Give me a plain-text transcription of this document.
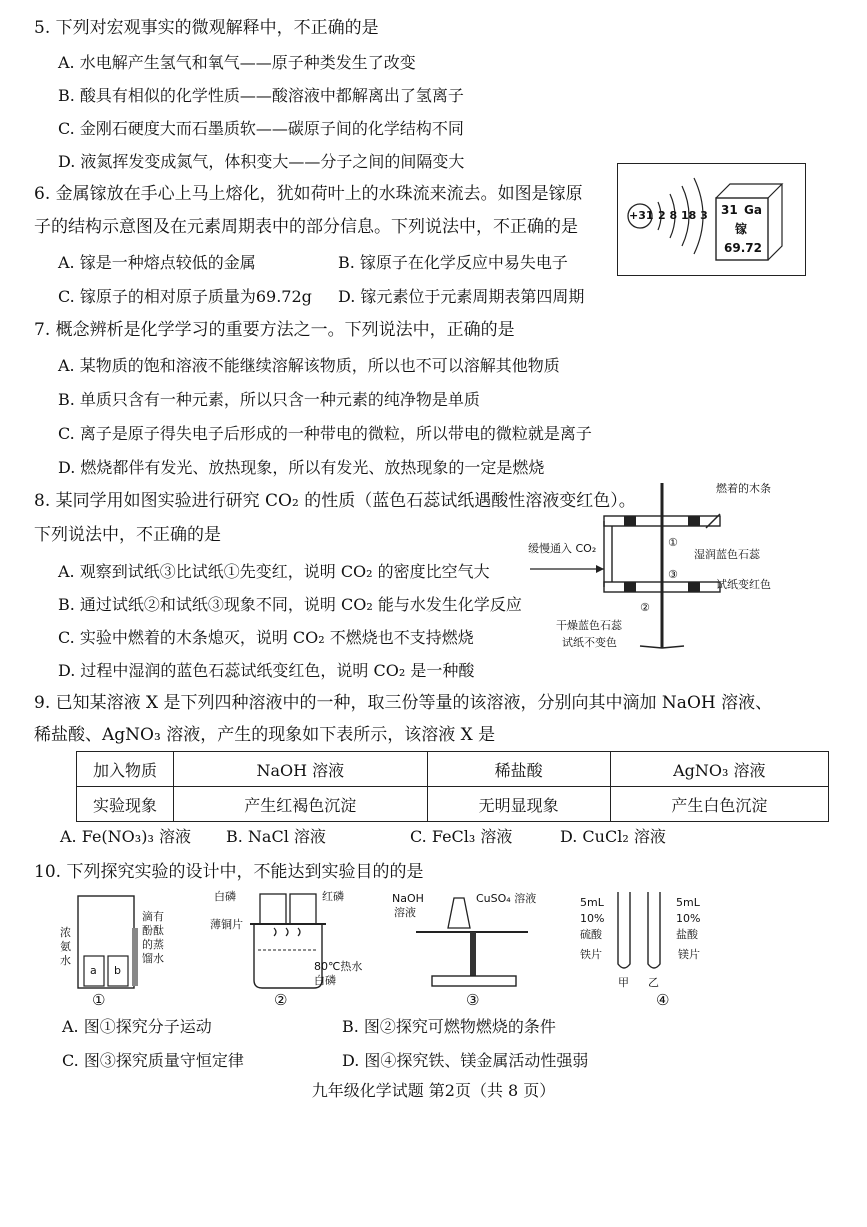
5. 下列对宏观事实的微观解释中，不正确的是
A. 水电解产生氢气和氧气——原子种类发生了改变
B. 酸具有相似的化学性质——酸溶液中都解离出了氢离子
C. 金刚石硬度大而石墨质软——碳原子间的化学结构不同
D. 液氮挥发变成氮气，体积变大——分子之间的间隔变大
6. 金属镓放在手心上马上熔化，犹如荷叶上的水珠流来流去。如图是镓原
子的结构示意图及在元素周期表中的部分信息。下列说法中，不正确的是
A. 镓是一种熔点较低的金属	B. 镓原子在化学反应中易失电子
C. 镓原子的相对原子质量为69.72g D. 镓元素位于元素周期表第四周期
+31 2 8 18 3 31 Ga
镓
69.72
7. 概念辨析是化学学习的重要方法之一。下列说法中，正确的是
A. 某物质的饱和溶液不能继续溶解该物质，所以也不可以溶解其他物质
B. 单质只含有一种元素，所以只含一种元素的纯净物是单质
C. 离子是原子得失电子后形成的一种带电的微粒，所以带电的微粒就是离子
D. 燃烧都伴有发光、放热现象，所以有发光、放热现象的一定是燃烧
8. 某同学用如图实验进行研究 CO₂ 的性质（蓝色石蕊试纸遇酸性溶液变红色）。
下列说法中，不正确的是
A. 观察到试纸③比试纸①先变红，说明 CO₂ 的密度比空气大
B. 通过试纸②和试纸③现象不同，说明 CO₂ 能与水发生化学反应
C. 实验中燃着的木条熄灭，说明 CO₂ 不燃烧也不支持燃烧
D. 过程中湿润的蓝色石蕊试纸变红色，说明 CO₂ 是一种酸
燃着的木条
缓慢通入 CO₂	①
③
②
湿润蓝色石蕊
试纸变红色
干燥蓝色石蕊
试纸不变色
9. 已知某溶液 X 是下列四种溶液中的一种，取三份等量的该溶液，分别向其中滴加 NaOH 溶液、
稀盐酸、AgNO₃ 溶液，产生的现象如下表所示，该溶液 X 是
加入物质	NaOH 溶液	稀盐酸	AgNO₃ 溶液
实验现象	产生红褐色沉淀	无明显现象	产生白色沉淀
A. Fe(NO₃)₃ 溶液 B. NaCl 溶液	C. FeCl₃ 溶液	D. CuCl₂ 溶液
10. 下列探究实验的设计中，不能达到实验目的的是
浓
氨
水
滴有
酚酞
的蒸
馏水
a b
①
白磷	红磷
薄铜片
80℃热水
白磷
②
NaOH
溶液
CuSO₄ 溶液
③
5mL
10%
硫酸
铁片
5mL
10%
盐酸
镁片
甲 乙
④
A. 图①探究分子运动	B. 图②探究可燃物燃烧的条件
C. 图③探究质量守恒定律	D. 图④探究铁、镁金属活动性强弱
九年级化学试题 第2页（共 8 页）
